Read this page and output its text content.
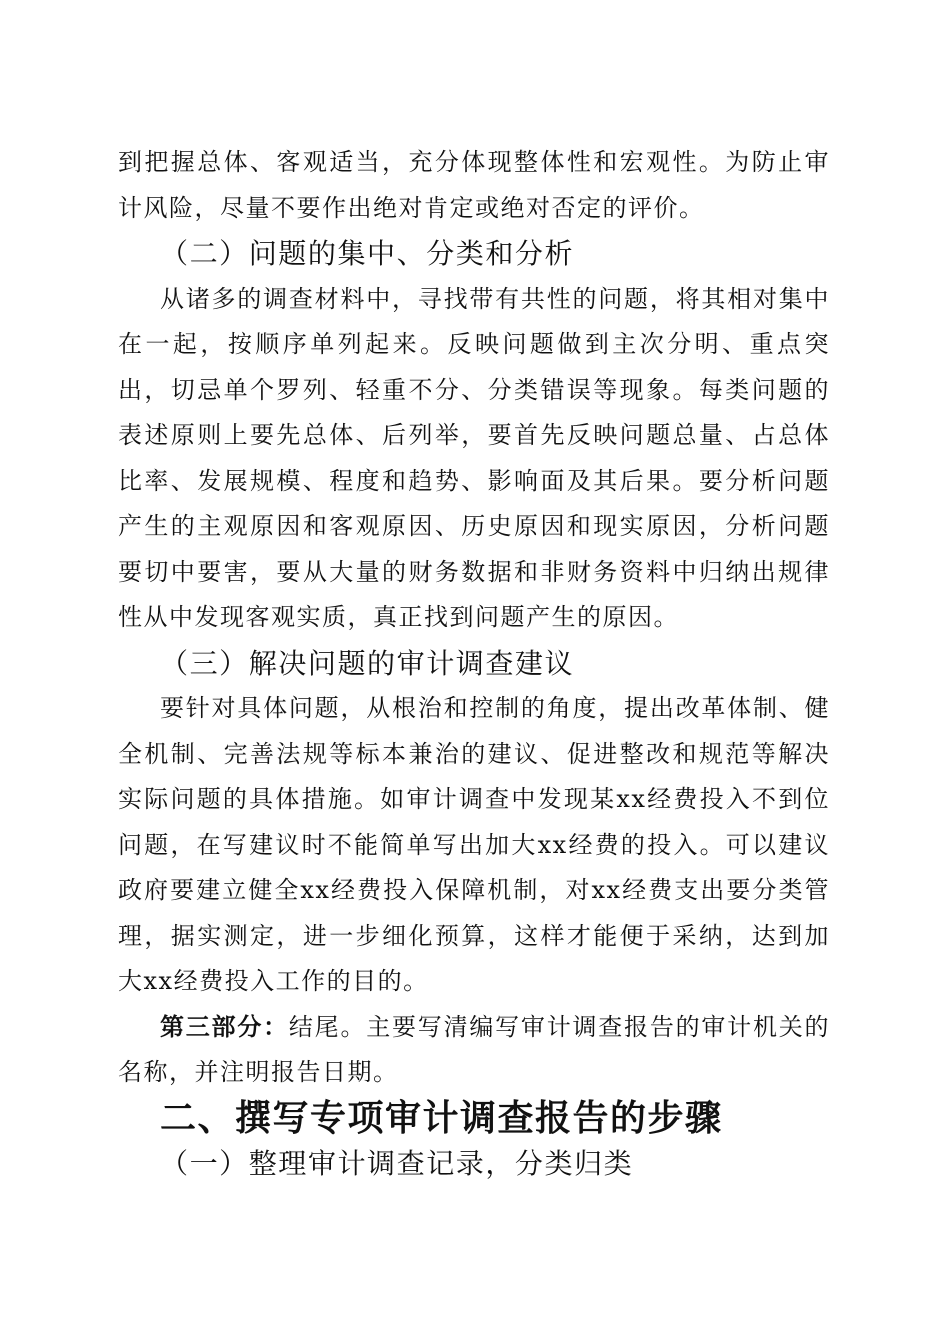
到把握总体、客观适当，充分体现整体性和宏观性。为防止审计风险，尽量不要作出绝对肯定或绝对否定的评价。

（二）问题的集中、分类和分析

从诸多的调查材料中，寻找带有共性的问题，将其相对集中在一起，按顺序单列起来。反映问题做到主次分明、重点突出，切忌单个罗列、轻重不分、分类错误等现象。每类问题的表述原则上要先总体、后列举，要首先反映问题总量、占总体比率、发展规模、程度和趋势、影响面及其后果。要分析问题产生的主观原因和客观原因、历史原因和现实原因，分析问题要切中要害，要从大量的财务数据和非财务资料中归纳出规律性从中发现客观实质，真正找到问题产生的原因。

（三）解决问题的审计调查建议

要针对具体问题，从根治和控制的角度，提出改革体制、健全机制、完善法规等标本兼治的建议、促进整改和规范等解决实际问题的具体措施。如审计调查中发现某xx经费投入不到位问题，在写建议时不能简单写出加大xx经费的投入。可以建议政府要建立健全xx经费投入保障机制，对xx经费支出要分类管理，据实测定，进一步细化预算，这样才能便于采纳，达到加大xx经费投入工作的目的。

第三部分：结尾。主要写清编写审计调查报告的审计机关的名称，并注明报告日期。

二、撰写专项审计调查报告的步骤
（一）整理审计调查记录，分类归类
